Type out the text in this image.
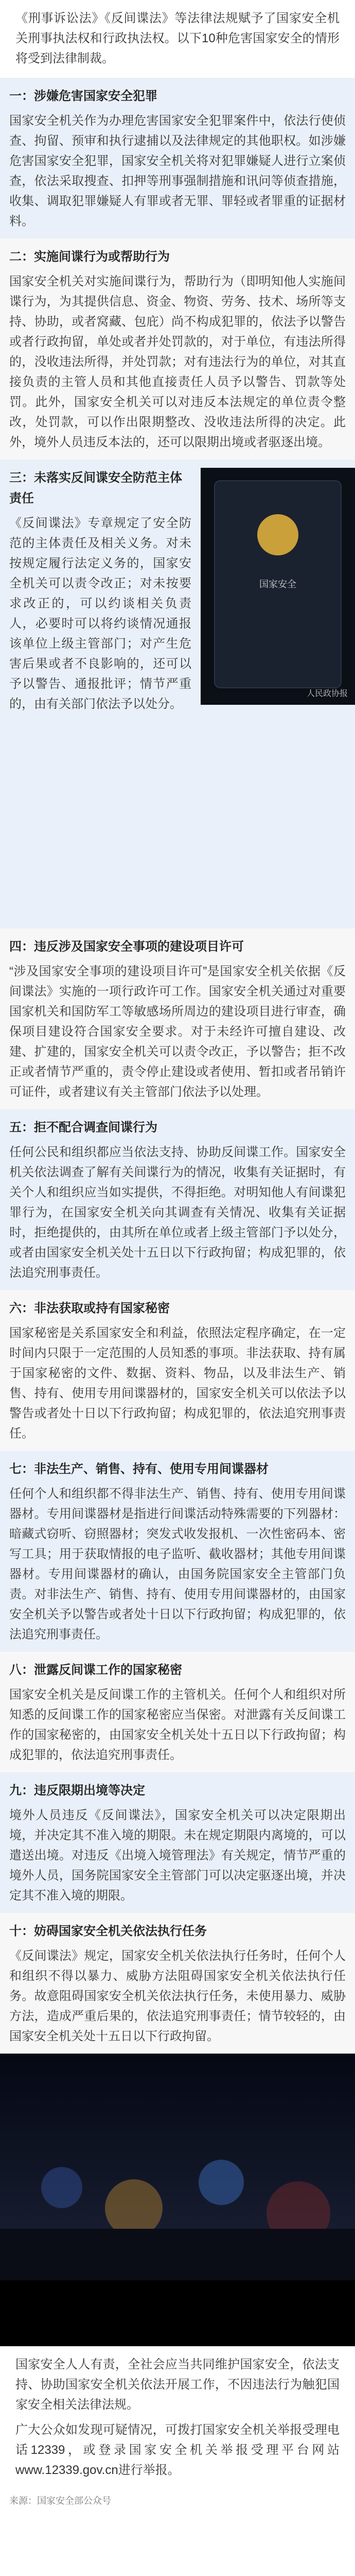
《刑事诉讼法》《反间谍法》等法律法规赋予了国家安全机关刑事执法权和行政执法权。以下10种危害国家安全的情形将受到法律制裁。

一：涉嫌危害国家安全犯罪

国家安全机关作为办理危害国家安全犯罪案件中，依法行使侦查、拘留、预审和执行逮捕以及法律规定的其他职权。如涉嫌危害国家安全犯罪，国家安全机关将对犯罪嫌疑人进行立案侦查，依法采取搜查、扣押等刑事强制措施和讯问等侦查措施，收集、调取犯罪嫌疑人有罪或者无罪、罪轻或者罪重的证据材料。

二：实施间谍行为或帮助行为

国家安全机关对实施间谍行为，帮助行为（即明知他人实施间谍行为，为其提供信息、资金、物资、劳务、技术、场所等支持、协助，或者窝藏、包庇）尚不构成犯罪的，依法予以警告或者行政拘留，单处或者并处罚款的，对于单位，有违法所得的，没收违法所得，并处罚款；对有违法行为的单位，对其直接负责的主管人员和其他直接责任人员予以警告、罚款等处罚。此外，国家安全机关可以对违反本法规定的单位责令整改，处罚款，可以作出限期整改、没收违法所得的决定。此外，境外人员违反本法的，还可以限期出境或者驱逐出境。

三：未落实反间谍安全防范主体责任

《反间谍法》专章规定了安全防范的主体责任及相关义务。对未按规定履行法定义务的，国家安全机关可以责令改正；对未按要求改正的，可以约谈相关负责人，必要时可以将约谈情况通报该单位上级主管部门；对产生危害后果或者不良影响的，还可以予以警告、通报批评；情节严重的，由有关部门依法予以处分。

国家安全
人民政协报
四：违反涉及国家安全事项的建设项目许可

“涉及国家安全事项的建设项目许可”是国家安全机关依据《反间谍法》实施的一项行政许可工作。国家安全机关通过对重要国家机关和国防军工等敏感场所周边的建设项目进行审查，确保项目建设符合国家安全要求。对于未经许可擅自建设、改建、扩建的，国家安全机关可以责令改正，予以警告；拒不改正或者情节严重的，责令停止建设或者使用、暂扣或者吊销许可证件，或者建议有关主管部门依法予以处理。

五：拒不配合调查间谍行为

任何公民和组织都应当依法支持、协助反间谍工作。国家安全机关依法调查了解有关间谍行为的情况，收集有关证据时，有关个人和组织应当如实提供，不得拒绝。对明知他人有间谍犯罪行为，在国家安全机关向其调查有关情况、收集有关证据时，拒绝提供的，由其所在单位或者上级主管部门予以处分，或者由国家安全机关处十五日以下行政拘留；构成犯罪的，依法追究刑事责任。

六：非法获取或持有国家秘密

国家秘密是关系国家安全和利益，依照法定程序确定，在一定时间内只限于一定范围的人员知悉的事项。非法获取、持有属于国家秘密的文件、数据、资料、物品，以及非法生产、销售、持有、使用专用间谍器材的，国家安全机关可以依法予以警告或者处十日以下行政拘留；构成犯罪的，依法追究刑事责任。

七：非法生产、销售、持有、使用专用间谍器材

任何个人和组织都不得非法生产、销售、持有、使用专用间谍器材。专用间谍器材是指进行间谍活动特殊需要的下列器材：暗藏式窃听、窃照器材；突发式收发报机、一次性密码本、密写工具；用于获取情报的电子监听、截收器材；其他专用间谍器材。专用间谍器材的确认，由国务院国家安全主管部门负责。对非法生产、销售、持有、使用专用间谍器材的，由国家安全机关予以警告或者处十日以下行政拘留；构成犯罪的，依法追究刑事责任。

八：泄露反间谍工作的国家秘密

国家安全机关是反间谍工作的主管机关。任何个人和组织对所知悉的反间谍工作的国家秘密应当保密。对泄露有关反间谍工作的国家秘密的，由国家安全机关处十五日以下行政拘留；构成犯罪的，依法追究刑事责任。

九：违反限期出境等决定

境外人员违反《反间谍法》，国家安全机关可以决定限期出境，并决定其不准入境的期限。未在规定期限内离境的，可以遣送出境。对违反《出境入境管理法》有关规定，情节严重的境外人员，国务院国家安全主管部门可以决定驱逐出境，并决定其不准入境的期限。

十：妨碍国家安全机关依法执行任务

《反间谍法》规定，国家安全机关依法执行任务时，任何个人和组织不得以暴力、威胁方法阻碍国家安全机关依法执行任务。故意阻碍国家安全机关依法执行任务，未使用暴力、威胁方法，造成严重后果的，依法追究刑事责任；情节较轻的，由国家安全机关处十五日以下行政拘留。

国家安全人人有责，全社会应当共同维护国家安全，依法支持、协助国家安全机关依法开展工作，不因违法行为触犯国家安全相关法律法规。

广大公众如发现可疑情况，可拨打国家安全机关举报受理电话12339，或登录国家安全机关举报受理平台网站www.12339.gov.cn进行举报。

来源：国家安全部公众号
